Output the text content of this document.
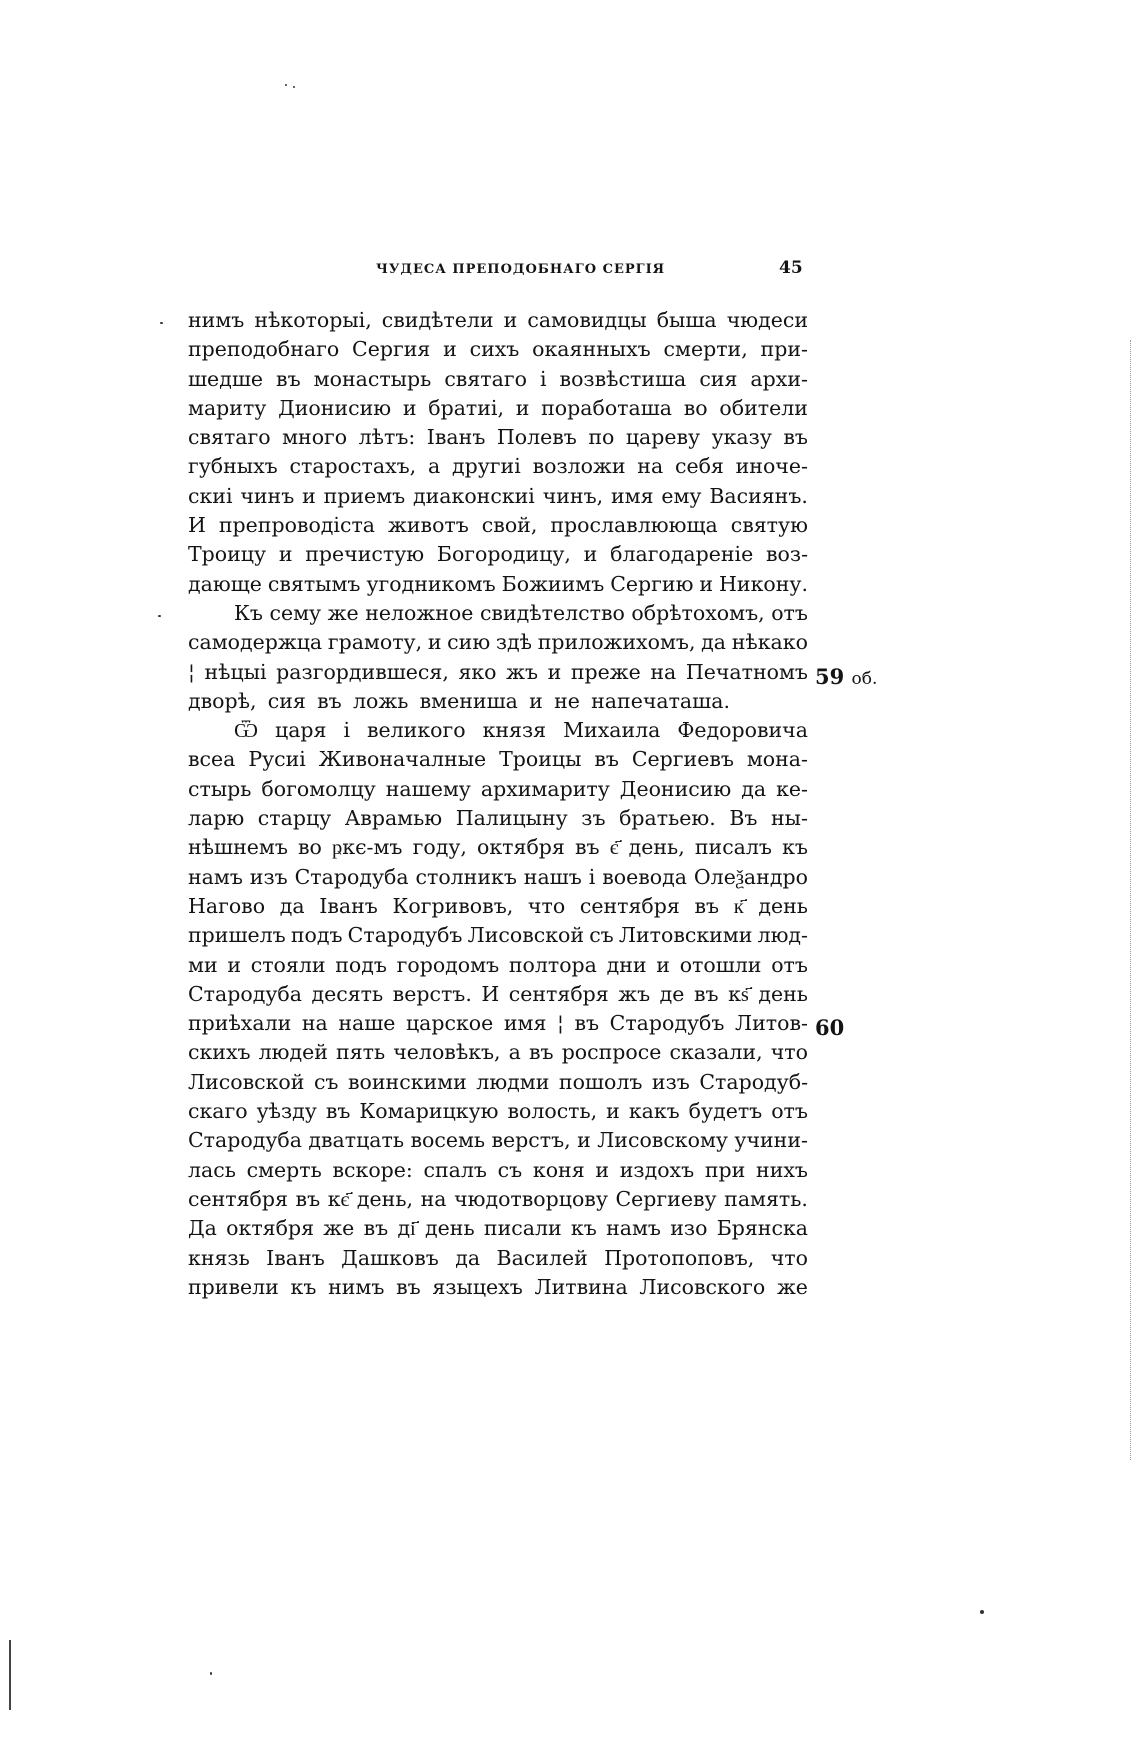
ЧУДЕСА ПРЕПОДОБНАГО СЕРГІЯ	45
нимъ нѣкоторыі, свидѣтели и самовидцы быша чюдеси
преподобнаго Сергия и сихъ окаянныхъ смерти, при-
шедше въ монастырь святаго і возвѣстиша сия архи-
мариту Дионисию и братиі, и поработаша во обители
святаго много лѣтъ: Іванъ Полевъ по цареву указу въ
губныхъ старостахъ, а другиі возложи на себя иноче-
скиі чинъ и приемъ диаконскиі чинъ, имя ему Васиянъ.
И препроводіста животъ свой, прославлююща святую
Троицу и пречистую Богородицу, и благодареніе воз-
дающе святымъ угодникомъ Божиимъ Сергию и Никону.
Къ сему же неложное свидѣтелство обрѣтохомъ, отъ
самодержца грамоту, и сию здѣ приложихомъ, да нѣкако
¦ нѣцыі разгордившеся, яко жъ и преже на Печатномъ
дворѣ, сия въ ложь вмениша и не напечаташа.
Ѿ царя і великого князя Михаила Федоровича
всеа Русиі Живоначалные Троицы въ Сергиевъ мона-
стырь богомолцу нашему архимариту Деонисию да ке-
ларю старцу Аврамью Палицыну зъ братьею. Въ ны-
нѣшнемъ во ҏкє-мъ году, октября въ є҃ день, писалъ къ
намъ изъ Стародуба столникъ нашъ і воевода Олеѯандро
Нагово да Іванъ Когривовъ, что сентября въ к҃ день
пришелъ подъ Стародубъ Лисовской съ Литовскими люд-
ми и стояли подъ городомъ полтора дни и отошли отъ
Стародуба десять верстъ. И сентября жъ де въ кѕ҃ день
приѣхали на наше царское имя ¦ въ Стародубъ Литов-
скихъ людей пять человѣкъ, а въ роспросе сказали, что
Лисовской съ воинскими людми пошолъ изъ Стародуб-
скаго уѣзду въ Комарицкую волость, и какъ будетъ отъ
Стародуба дватцать восемь верстъ, и Лисовскому учини-
лась смерть вскоре: спалъ съ коня и издохъ при нихъ
сентября въ кє҃ день, на чюдотворцову Сергиеву память.
Да октября же въ ді҃ день писали къ намъ изо Брянска
князь Іванъ Дашковъ да Василей Протопоповъ, что
привели къ нимъ въ языцехъ Литвина Лисовского же
59 об.
60
